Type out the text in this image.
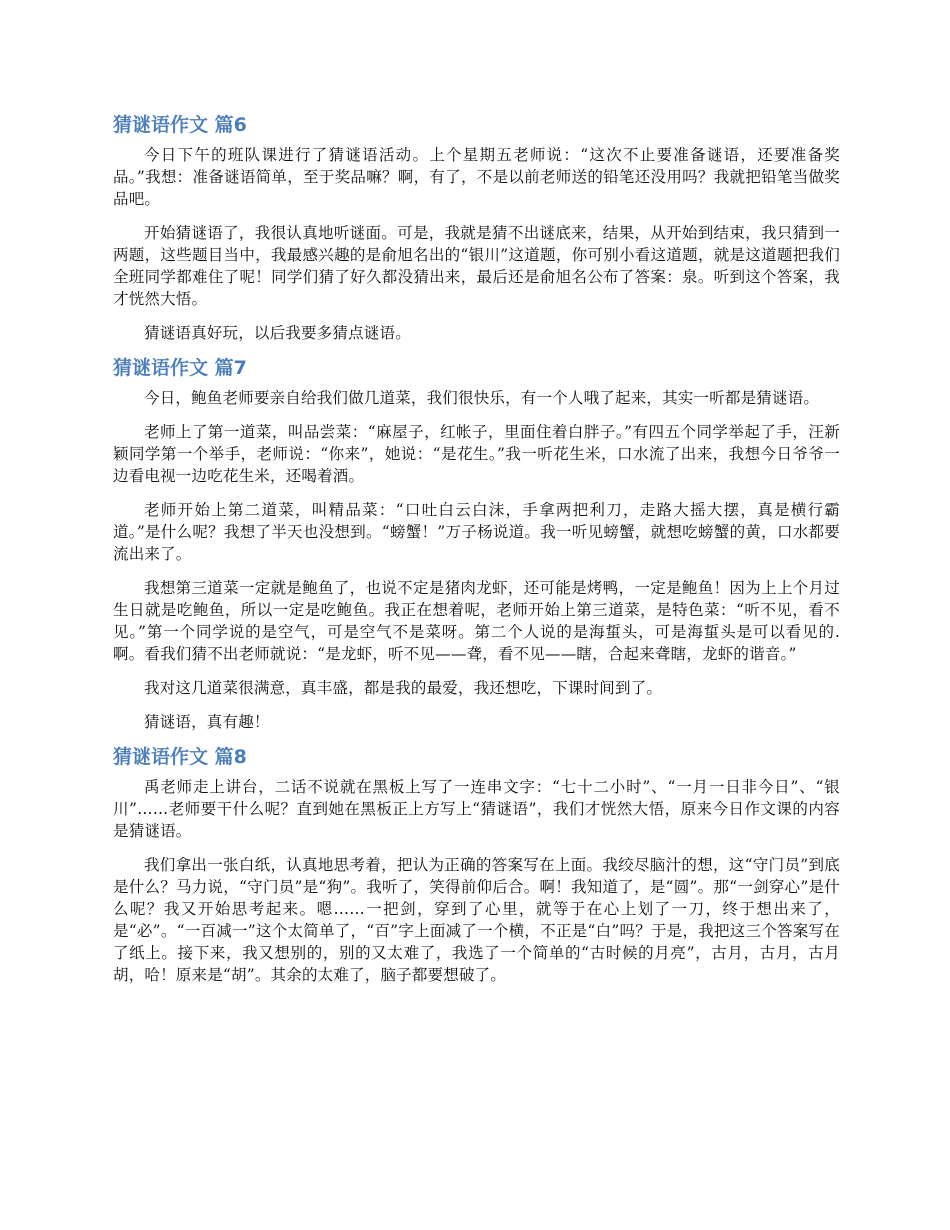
猜谜语作文 篇6

今日下午的班队课进行了猜谜语活动。上个星期五老师说：“这次不止要准备谜语，还要准备奖品。”我想：准备谜语简单，至于奖品嘛？啊，有了，不是以前老师送的铅笔还没用吗？我就把铅笔当做奖品吧。

开始猜谜语了，我很认真地听谜面。可是，我就是猜不出谜底来，结果，从开始到结束，我只猜到一两题，这些题目当中，我最感兴趣的是俞旭名出的“银川”这道题，你可别小看这道题，就是这道题把我们全班同学都难住了呢！同学们猜了好久都没猜出来，最后还是俞旭名公布了答案：泉。听到这个答案，我才恍然大悟。

猜谜语真好玩，以后我要多猜点谜语。

猜谜语作文 篇7

今日，鲍鱼老师要亲自给我们做几道菜，我们很快乐，有一个人哦了起来，其实一听都是猜谜语。

老师上了第一道菜，叫品尝菜：“麻屋子，红帐子，里面住着白胖子。”有四五个同学举起了手，汪新颖同学第一个举手，老师说：“你来”，她说：“是花生。”我一听花生米，口水流了出来，我想今日爷爷一边看电视一边吃花生米，还喝着酒。

老师开始上第二道菜，叫精品菜：“口吐白云白沫，手拿两把利刀，走路大摇大摆，真是横行霸道。”是什么呢？我想了半天也没想到。“螃蟹！”万子杨说道。我一听见螃蟹，就想吃螃蟹的黄，口水都要流出来了。

我想第三道菜一定就是鲍鱼了，也说不定是猪肉龙虾，还可能是烤鸭，一定是鲍鱼！因为上上个月过生日就是吃鲍鱼，所以一定是吃鲍鱼。我正在想着呢，老师开始上第三道菜，是特色菜：“听不见，看不见。”第一个同学说的是空气，可是空气不是菜呀。第二个人说的是海蜇头，可是海蜇头是可以看见的.啊。看我们猜不出老师就说：“是龙虾，听不见——聋，看不见——瞎，合起来聋瞎，龙虾的谐音。”

我对这几道菜很满意，真丰盛，都是我的最爱，我还想吃，下课时间到了。

猜谜语，真有趣！

猜谜语作文 篇8

禹老师走上讲台，二话不说就在黑板上写了一连串文字：“七十二小时”、“一月一日非今日”、“银川”……老师要干什么呢？直到她在黑板正上方写上“猜谜语”，我们才恍然大悟，原来今日作文课的内容是猜谜语。

我们拿出一张白纸，认真地思考着，把认为正确的答案写在上面。我绞尽脑汁的想，这“守门员”到底是什么？马力说，“守门员”是“狗”。我听了，笑得前仰后合。啊！我知道了，是“圆”。那“一剑穿心”是什么呢？我又开始思考起来。嗯……一把剑，穿到了心里，就等于在心上划了一刀，终于想出来了，是“必”。“一百减一”这个太简单了，“百”字上面减了一个横，不正是“白”吗？于是，我把这三个答案写在了纸上。接下来，我又想别的，别的又太难了，我选了一个简单的“古时候的月亮”，古月，古月，古月胡，哈！原来是“胡”。其余的太难了，脑子都要想破了。
